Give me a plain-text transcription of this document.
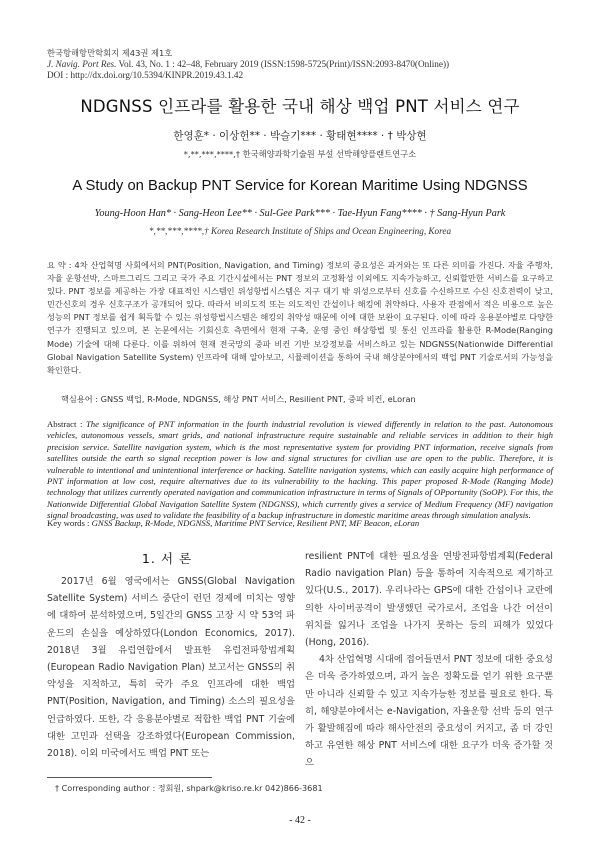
한국항해항만학회지 제43권 제1호
J. Navig. Port Res. Vol. 43, No. 1 : 42–48, February 2019 (ISSN:1598-5725(Print)/ISSN:2093-8470(Online))
DOI : http://dx.doi.org/10.5394/KINPR.2019.43.1.42
NDGNSS 인프라를 활용한 국내 해상 백업 PNT 서비스 연구
한영훈* · 이상헌** · 박슬기*** · 황태현**** · † 박상현
*,**,***,****,† 한국해양과학기술원 부설 선박해양플랜트연구소
A Study on Backup PNT Service for Korean Maritime Using NDGNSS
Young-Hoon Han* · Sang-Heon Lee** · Sul-Gee Park*** · Tae-Hyun Fang**** · † Sang-Hyun Park
*,**,***,****,† Korea Research Institute of Ships and Ocean Engineering, Korea
요 약 : 4차 산업혁명 사회에서의 PNT(Position, Navigation, and Timing) 정보의 중요성은 과거와는 또 다른 의미를 가진다. 자율 주행차, 자율 운항선박, 스마트그리드 그리고 국가 주요 기간시설에서는 PNT 정보의 고정확성 이외에도 지속가능하고, 신뢰할만한 서비스를 요구하고 있다. PNT 정보를 제공하는 가장 대표적인 시스템인 위성항법시스템은 지구 대기 밖 위성으로부터 신호를 수신하므로 수신 신호전력이 낮고, 민간신호의 경우 신호구조가 공개되어 있다. 따라서 비의도적 또는 의도적인 간섭이나 해킹에 취약하다. 사용자 관점에서 적은 비용으로 높은 성능의 PNT 정보를 쉽게 획득할 수 있는 위성항법시스템은 해킹의 취약성 때문에 이에 대한 보완이 요구된다. 이에 따라 응용분야별로 다양한 연구가 진행되고 있으며, 본 논문에서는 기회신호 측면에서 현재 구축, 운영 중인 해상항법 및 통신 인프라를 활용한 R-Mode(Ranging Mode) 기술에 대해 다룬다. 이를 위하여 현재 전국망의 중파 비컨 기반 보강정보를 서비스하고 있는 NDGNSS(Nationwide Differential Global Navigation Satellite System) 인프라에 대해 알아보고, 시뮬레이션을 통하여 국내 해상분야에서의 백업 PNT 기술로서의 가능성을 확인한다.
핵심용어 : GNSS 백업, R-Mode, NDGNSS, 해상 PNT 서비스, Resilient PNT, 중파 비컨, eLoran
Abstract : The significance of PNT information in the fourth industrial revolution is viewed differently in relation to the past. Autonomous vehicles, autonomous vessels, smart grids, and national infrastructure require sustainable and reliable services in addition to their high precision service. Satellite navigation system, which is the most representative system for providing PNT information, receive signals from satellites outside the earth so signal reception power is low and signal structures for civilian use are open to the public. Therefore, it is vulnerable to intentional and unintentional interference or hacking. Satellite navigation systems, which can easily acquire high performance of PNT information at low cost, require alternatives due to its vulnerability to the hacking. This paper proposed R-Mode (Ranging Mode) technology that utilizes currently operated navigation and communication infrastructure in terms of Signals of OPportunity (SoOP). For this, the Nationwide Differential Global Navigation Satellite System (NDGNSS), which currently gives a service of Medium Frequency (MF) navigation signal broadcasting, was used to validate the feasibility of a backup infrastructure in domestic maritime areas through simulation analysis.
Key words : GNSS Backup, R-Mode, NDGNSS, Maritime PNT Service, Resilient PNT, MF Beacon, eLoran
1. 서 론

2017년 6월 영국에서는 GNSS(Global Navigation Satellite System) 서비스 중단이 런던 경제에 미치는 영향에 대하여 분석하였으며, 5일간의 GNSS 고장 시 약 53억 파운드의 손실을 예상하였다(London Economics, 2017). 2018년 3월 유럽연합에서 발표한 유럽전파항법계획(European Radio Navigation Plan) 보고서는 GNSS의 취약성을 지적하고, 특히 국가 주요 인프라에 대한 백업 PNT(Position, Navigation, and Timing) 소스의 필요성을 언급하였다. 또한, 각 응용분야별로 적합한 백업 PNT 기술에 대한 고민과 선택을 강조하였다(European Commission, 2018). 이외 미국에서도 백업 PNT 또는

resilient PNT에 대한 필요성을 연방전파항법계획(Federal Radio navigation Plan) 등을 통하여 지속적으로 제기하고 있다(U.S., 2017). 우리나라는 GPS에 대한 간섭이나 교란에 의한 사이버공격이 발생했던 국가로서, 조업을 나간 어선이 위치를 잃거나 조업을 나가지 못하는 등의 피해가 있었다(Hong, 2016).

4차 산업혁명 시대에 접어들면서 PNT 정보에 대한 중요성은 더욱 증가하였으며, 과거 높은 정확도를 얻기 위한 요구뿐만 아니라 신뢰할 수 있고 지속가능한 정보를 필요로 한다. 특히, 해양분야에서는 e-Navigation, 자율운항 선박 등의 연구가 활발해짐에 따라 해사안전의 중요성이 커지고, 좀 더 강인하고 유연한 해상 PNT 서비스에 대한 요구가 더욱 증가할 것으

† Corresponding author : 정회원, shpark@kriso.re.kr 042)866-3681
- 42 -
